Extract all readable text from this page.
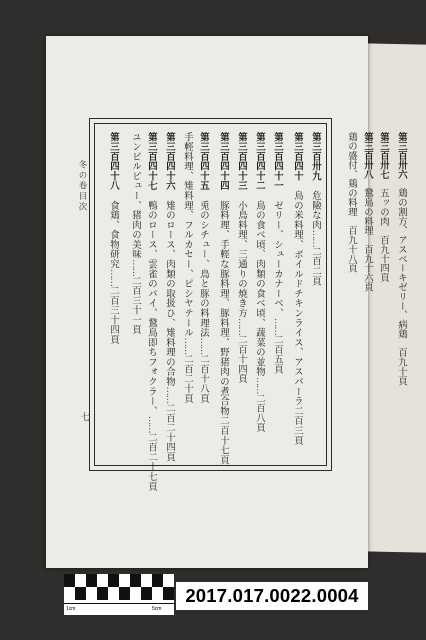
冬の卷目次
七
第三百卅九　危險な肉……二百二頁
第三百四十　鳥の米料理、ボイルドチキンライス、アスパーラ二百三頁
第三百四十一　ゼリー、シューカナーベ、……二百五頁
第三百四十二　鳥の食べ頃、肉類の食べ頃、蔬菜の並物……二百八頁
第三百四十三　小鳥料理、三通りの焼き方……二百十四頁
第三百四十四　豚料理、手輕な豚料理、豚料理、野猪肉の煮合物二百十七頁
第三百四十五　兎のシチュー、鳥と豚の料理法……二百十八頁
手輕料理、雉料理、フルカセー、ピシヤテール……二百二十頁
第三百四十六　雉のロース、肉類の取扱ひ、雉料理の合物……二百二十四頁
第三百四十七　鴨のロース、雲雀のパイ、鵞鳥即ちフォクラー、……二百二十七頁
ユンビルピュー、猪肉の美味……二百三十一頁
第三百四十八　食鶏、食物研究……二百三十四頁
第三百卅六　鶏の割方、アスペーキゼリー、病鶏　百九十頁
第三百卅七　五ッの肉　百九十四頁
第三百卅八　鵞鳥の料理　百九十六頁
鶏の盛付、鶏の料理　百九十八頁
1cm	5cm
2017.017.0022.0004
